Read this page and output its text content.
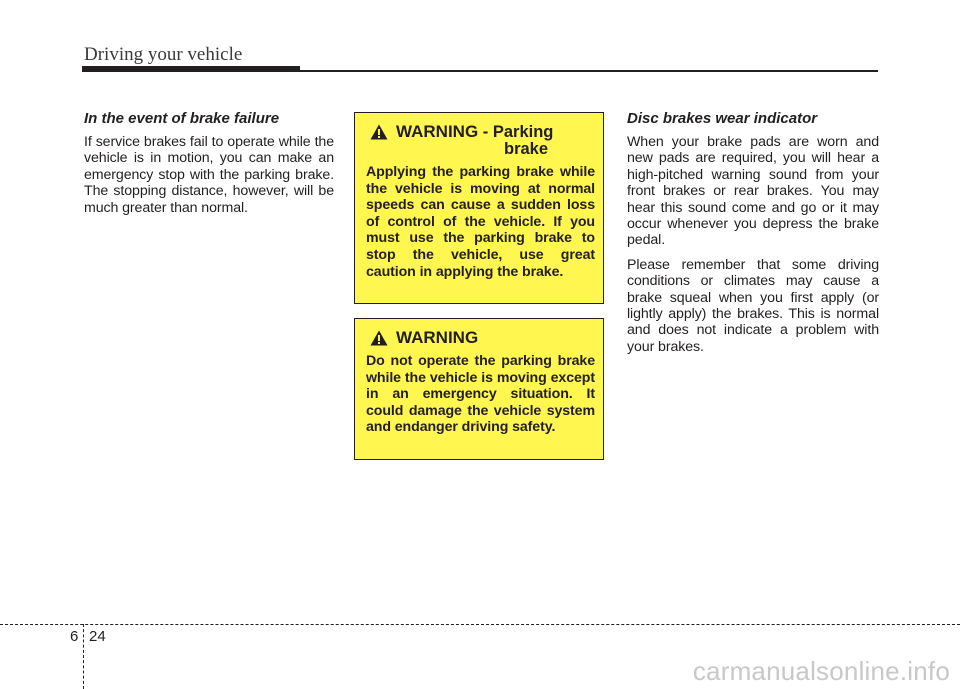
Driving your vehicle
In the event of brake failure

If service brakes fail to operate while the vehicle is in motion, you can make an emergency stop with the parking brake. The stopping distance, however, will be much greater than normal.

WARNING - Parking
brake
Applying the parking brake while the vehicle is moving at normal speeds can cause a sudden loss of control of the vehicle. If you must use the parking brake to stop the vehicle, use great caution in applying the brake.
WARNING
Do not operate the parking brake while the vehicle is moving except in an emergency situation. It could damage the vehicle system and endanger driving safety.
Disc brakes wear indicator

When your brake pads are worn and new pads are required, you will hear a high-pitched warning sound from your front brakes or rear brakes. You may hear this sound come and go or it may occur whenever you depress the brake pedal.

Please remember that some driving conditions or climates may cause a brake squeal when you first apply (or lightly apply) the brakes. This is normal and does not indicate a problem with your brakes.

6 24
carmanualsonline.info
